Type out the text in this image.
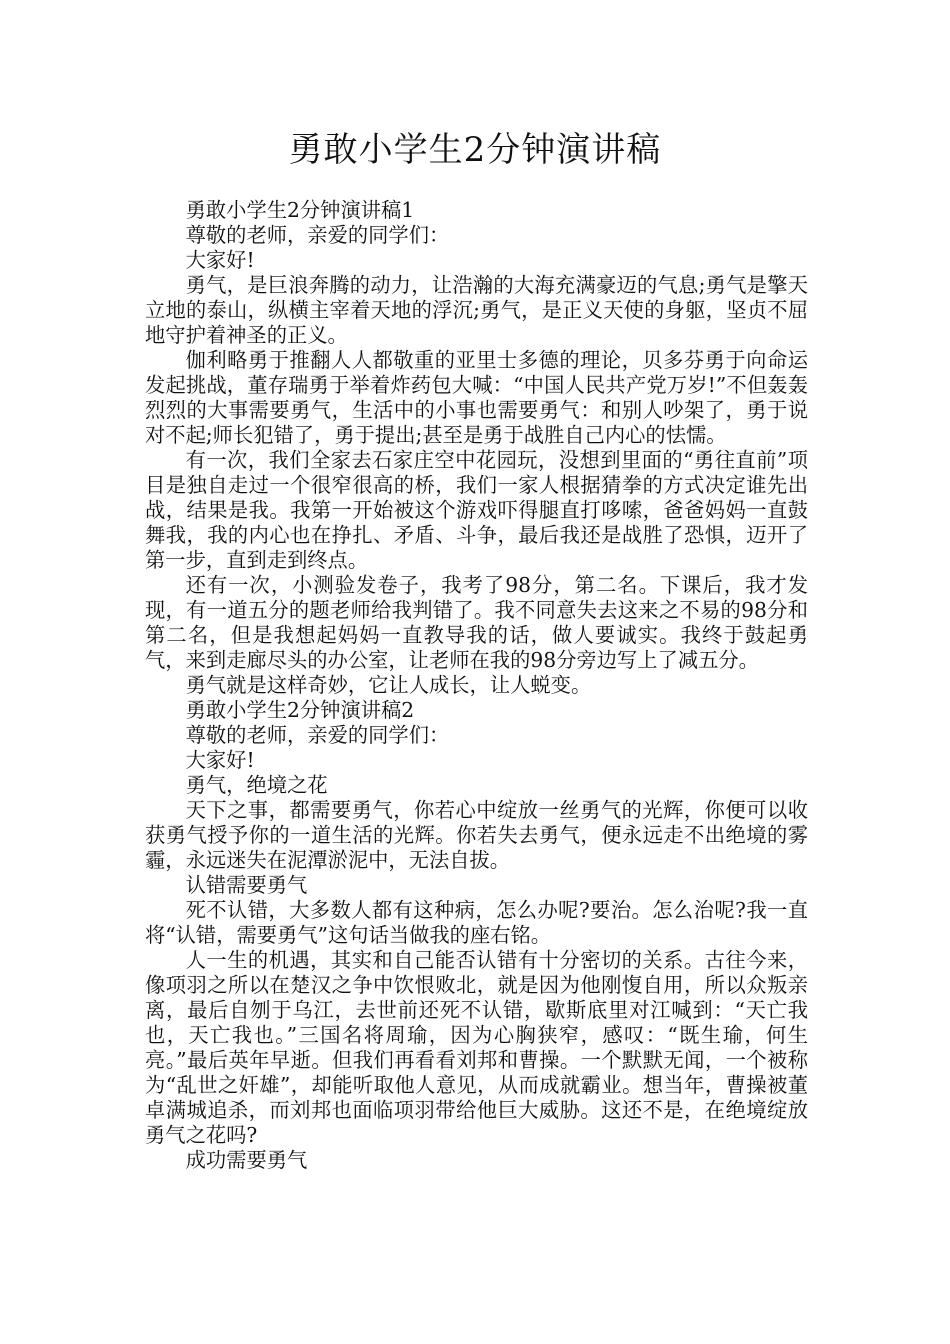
勇敢小学生2分钟演讲稿

勇敢小学生2分钟演讲稿1

尊敬的老师，亲爱的同学们：

大家好!

勇气，是巨浪奔腾的动力，让浩瀚的大海充满豪迈的气息;勇气是擎天立地的泰山，纵横主宰着天地的浮沉;勇气，是正义天使的身躯，坚贞不屈地守护着神圣的正义。

伽利略勇于推翻人人都敬重的亚里士多德的理论，贝多芬勇于向命运发起挑战，董存瑞勇于举着炸药包大喊：“中国人民共产党万岁!”不但轰轰烈烈的大事需要勇气，生活中的小事也需要勇气：和别人吵架了，勇于说对不起;师长犯错了，勇于提出;甚至是勇于战胜自己内心的怯懦。

有一次，我们全家去石家庄空中花园玩，没想到里面的“勇往直前”项目是独自走过一个很窄很高的桥，我们一家人根据猜拳的方式决定谁先出战，结果是我。我第一开始被这个游戏吓得腿直打哆嗦，爸爸妈妈一直鼓舞我，我的内心也在挣扎、矛盾、斗争，最后我还是战胜了恐惧，迈开了第一步，直到走到终点。

还有一次，小测验发卷子，我考了98分，第二名。下课后，我才发现，有一道五分的题老师给我判错了。我不同意失去这来之不易的98分和第二名，但是我想起妈妈一直教导我的话，做人要诚实。我终于鼓起勇气，来到走廊尽头的办公室，让老师在我的98分旁边写上了减五分。

勇气就是这样奇妙，它让人成长，让人蜕变。

勇敢小学生2分钟演讲稿2

尊敬的老师，亲爱的同学们：

大家好!

勇气，绝境之花

天下之事，都需要勇气，你若心中绽放一丝勇气的光辉，你便可以收获勇气授予你的一道生活的光辉。你若失去勇气，便永远走不出绝境的雾霾，永远迷失在泥潭淤泥中，无法自拔。

认错需要勇气

死不认错，大多数人都有这种病，怎么办呢?要治。怎么治呢?我一直将“认错，需要勇气”这句话当做我的座右铭。

人一生的机遇，其实和自己能否认错有十分密切的关系。古往今来，像项羽之所以在楚汉之争中饮恨败北，就是因为他刚愎自用，所以众叛亲离，最后自刎于乌江，去世前还死不认错，歇斯底里对江喊到：“天亡我也，天亡我也。”三国名将周瑜，因为心胸狭窄，感叹：“既生瑜，何生亮。”最后英年早逝。但我们再看看刘邦和曹操。一个默默无闻，一个被称为“乱世之奸雄”，却能听取他人意见，从而成就霸业。想当年，曹操被董卓满城追杀，而刘邦也面临项羽带给他巨大威胁。这还不是，在绝境绽放勇气之花吗?

成功需要勇气
